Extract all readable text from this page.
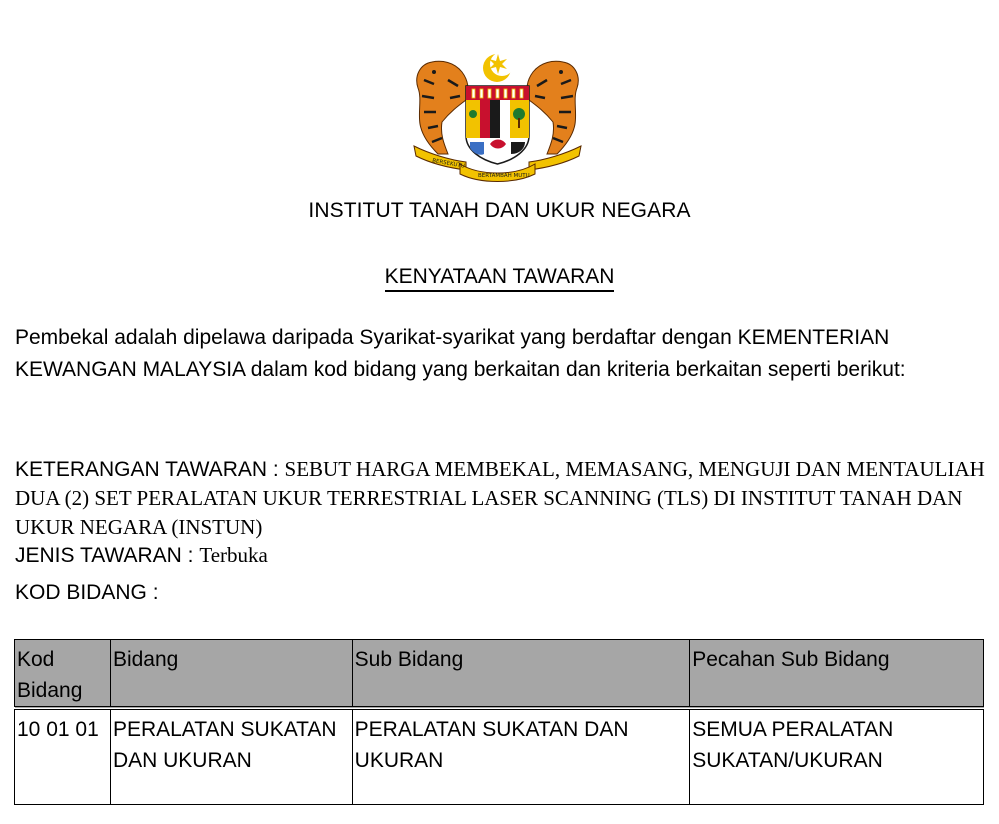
BERSEKUTU
BERTAMBAH MUTU
INSTITUT TANAH DAN UKUR NEGARA
KENYATAAN TAWARAN
Pembekal adalah dipelawa daripada Syarikat-syarikat yang berdaftar dengan KEMENTERIAN KEWANGAN MALAYSIA dalam kod bidang yang berkaitan dan kriteria berkaitan seperti berikut:
KETERANGAN TAWARAN : SEBUT HARGA MEMBEKAL, MEMASANG, MENGUJI DAN MENTAULIAH DUA (2) SET PERALATAN UKUR TERRESTRIAL LASER SCANNING (TLS) DI INSTITUT TANAH DAN UKUR NEGARA (INSTUN)
JENIS TAWARAN : Terbuka
KOD BIDANG :
Kod Bidang	Bidang	Sub Bidang	Pecahan Sub Bidang
10 01 01	PERALATAN SUKATAN DAN UKURAN	PERALATAN SUKATAN DAN UKURAN	SEMUA PERALATAN SUKATAN/UKURAN
